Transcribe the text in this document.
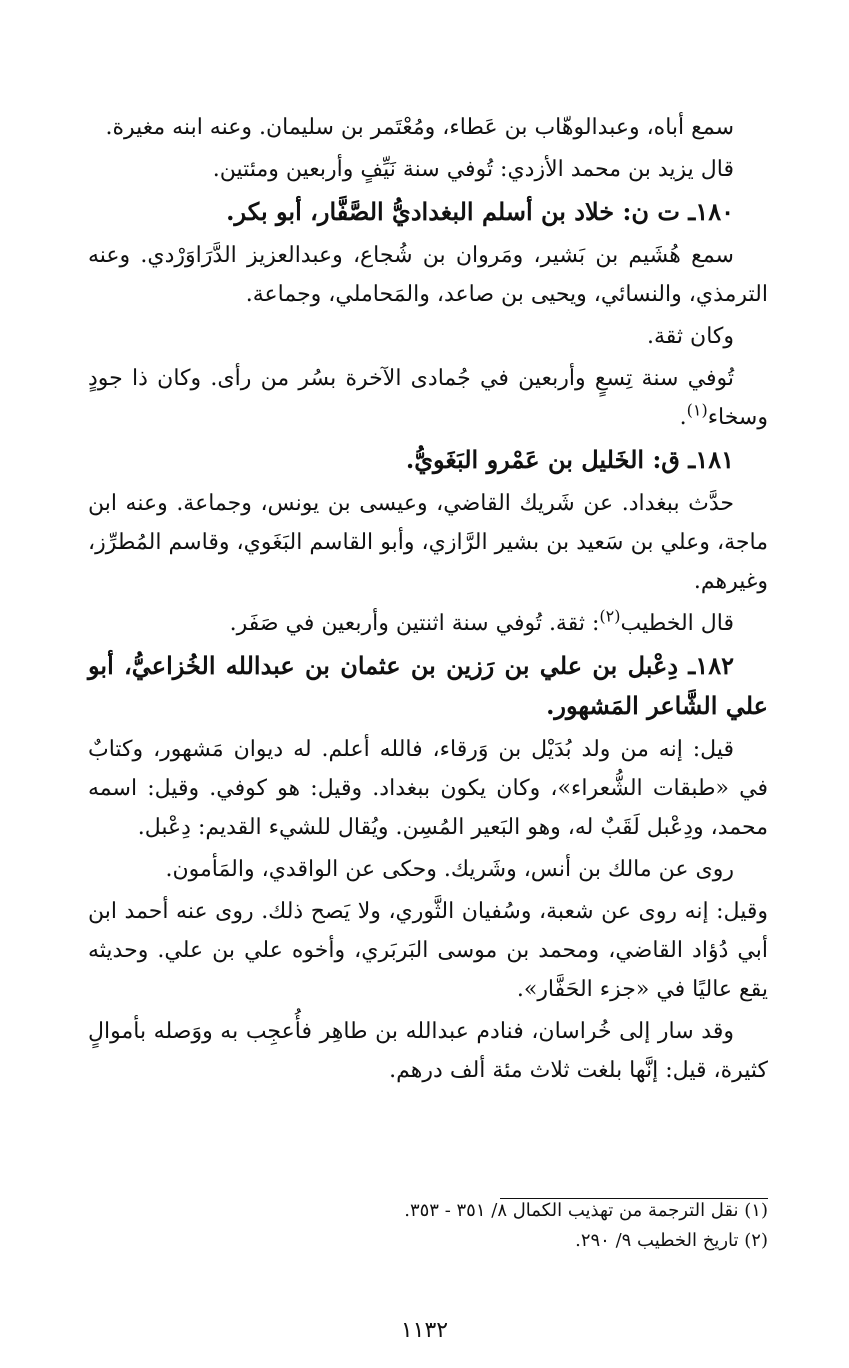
سمع أباه، وعبدالوهّاب بن عَطاء، ومُعْتَمر بن سليمان. وعنه ابنه مغيرة.

قال يزيد بن محمد الأزدي: تُوفي سنة نَيِّفٍ وأربعين ومئتين.

١٨٠ـ ت ن: خلاد بن أسلم البغداديُّ الصَّفَّار، أبو بكر.

سمع هُشَيم بن بَشير، ومَروان بن شُجاع، وعبدالعزيز الدَّرَاوَرْدي. وعنه الترمذي، والنسائي، ويحيى بن صاعد، والمَحاملي، وجماعة.

وكان ثقة.

تُوفي سنة تِسعٍ وأربعين في جُمادى الآخرة بسُر من رأى. وكان ذا جودٍ وسخاء$^{(١)}$.

١٨١ـ ق: الخَليل بن عَمْرو البَغَويُّ.

حدَّث ببغداد. عن شَريك القاضي، وعيسى بن يونس، وجماعة. وعنه ابن ماجة، وعلي بن سَعيد بن بشير الرَّازي، وأبو القاسم البَغَوي، وقاسم المُطرِّز، وغيرهم.

قال الخطيب$^{(٢)}$: ثقة. تُوفي سنة اثنتين وأربعين في صَفَر.

١٨٢ـ دِعْبل بن علي بن رَزين بن عثمان بن عبدالله الخُزاعيُّ، أبو علي الشَّاعر المَشهور.

قيل: إنه من ولد بُدَيْل بن وَرقاء، فالله أعلم. له ديوان مَشهور، وكتابٌ في «طبقات الشُّعراء»، وكان يكون ببغداد. وقيل: هو كوفي. وقيل: اسمه محمد، ودِعْبل لَقَبٌ له، وهو البَعير المُسِن. ويُقال للشيء القديم: دِعْبل.

روى عن مالك بن أنس، وشَريك. وحكى عن الواقدي، والمَأمون.

وقيل: إنه روى عن شعبة، وسُفيان الثَّوري، ولا يَصح ذلك. روى عنه أحمد ابن أبي دُؤاد القاضي، ومحمد بن موسى البَربَري، وأخوه علي بن علي. وحديثه يقع عاليًا في «جزء الحَفَّار».

وقد سار إلى خُراسان، فنادم عبدالله بن طاهِر فأُعجِب به ووَصله بأموالٍ كثيرة، قيل: إنَّها بلغت ثلاث مئة ألف درهم.

(١) نقل الترجمة من تهذيب الكمال ٨/ ٣٥١ - ٣٥٣.

(٢) تاريخ الخطيب ٩/ ٢٩٠.

١١٣٢
